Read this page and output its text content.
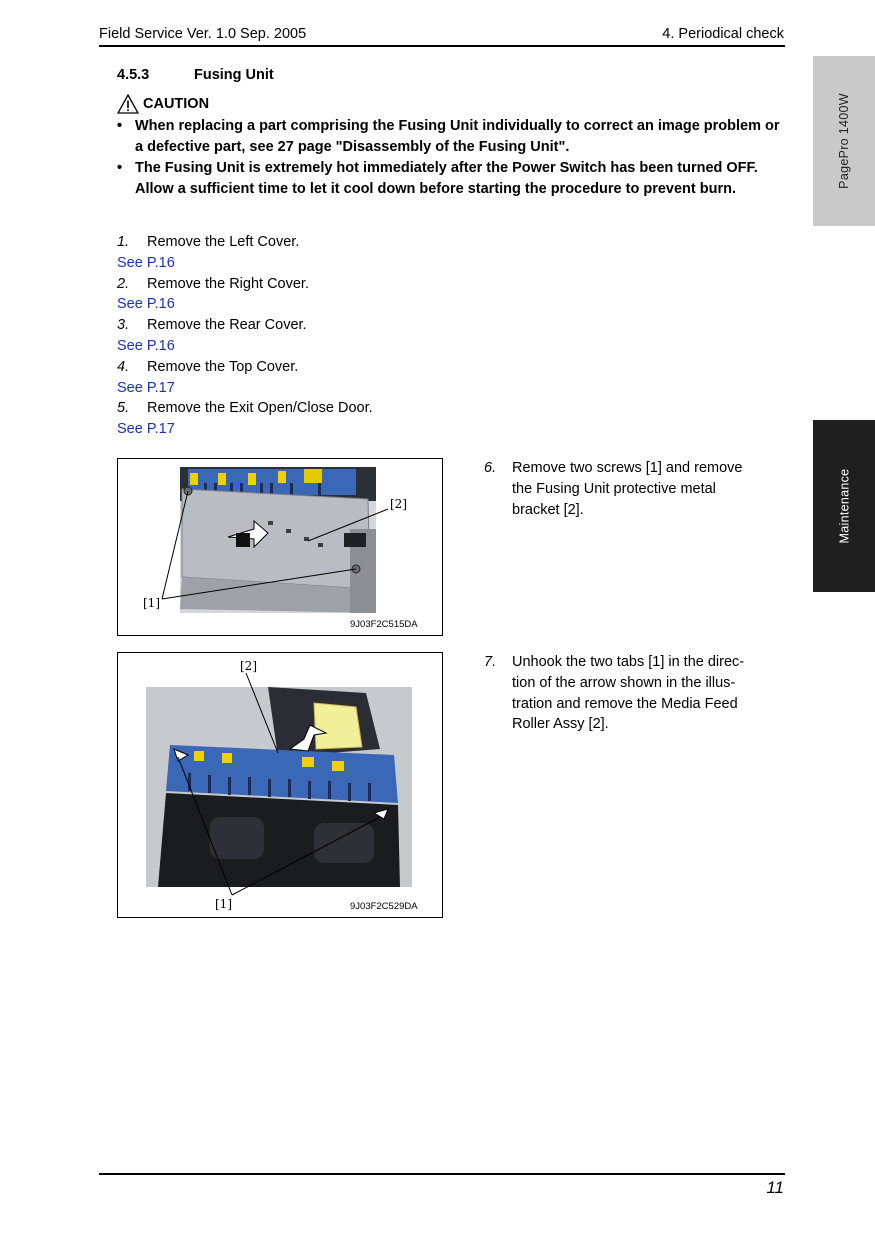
Field Service Ver. 1.0 Sep. 2005	4. Periodical check
PagePro 1400W
Maintenance
4.5.3	Fusing Unit
CAUTION
• When replacing a part comprising the Fusing Unit individually to correct an image problem or a defective part, see 27 page "Disassembly of the Fusing Unit".
• The Fusing Unit is extremely hot immediately after the Power Switch has been turned OFF. Allow a sufficient time to let it cool down before starting the procedure to prevent burn.
1.	Remove the Left Cover.
See P.16
2.	Remove the Right Cover.
See P.16
3.	Remove the Rear Cover.
See P.16
4.	Remove the Top Cover.
See P.17
5.	Remove the Exit Open/Close Door.
See P.17
[2]
[1]
9J03F2C515DA
6.	Remove two screws [1] and remove
the Fusing Unit protective metal
bracket [2].
[2]
[1]	9J03F2C529DA
7.	Unhook the two tabs [1] in the direc-
tion of the arrow shown in the illus-
tration and remove the Media Feed
Roller Assy [2].
11
